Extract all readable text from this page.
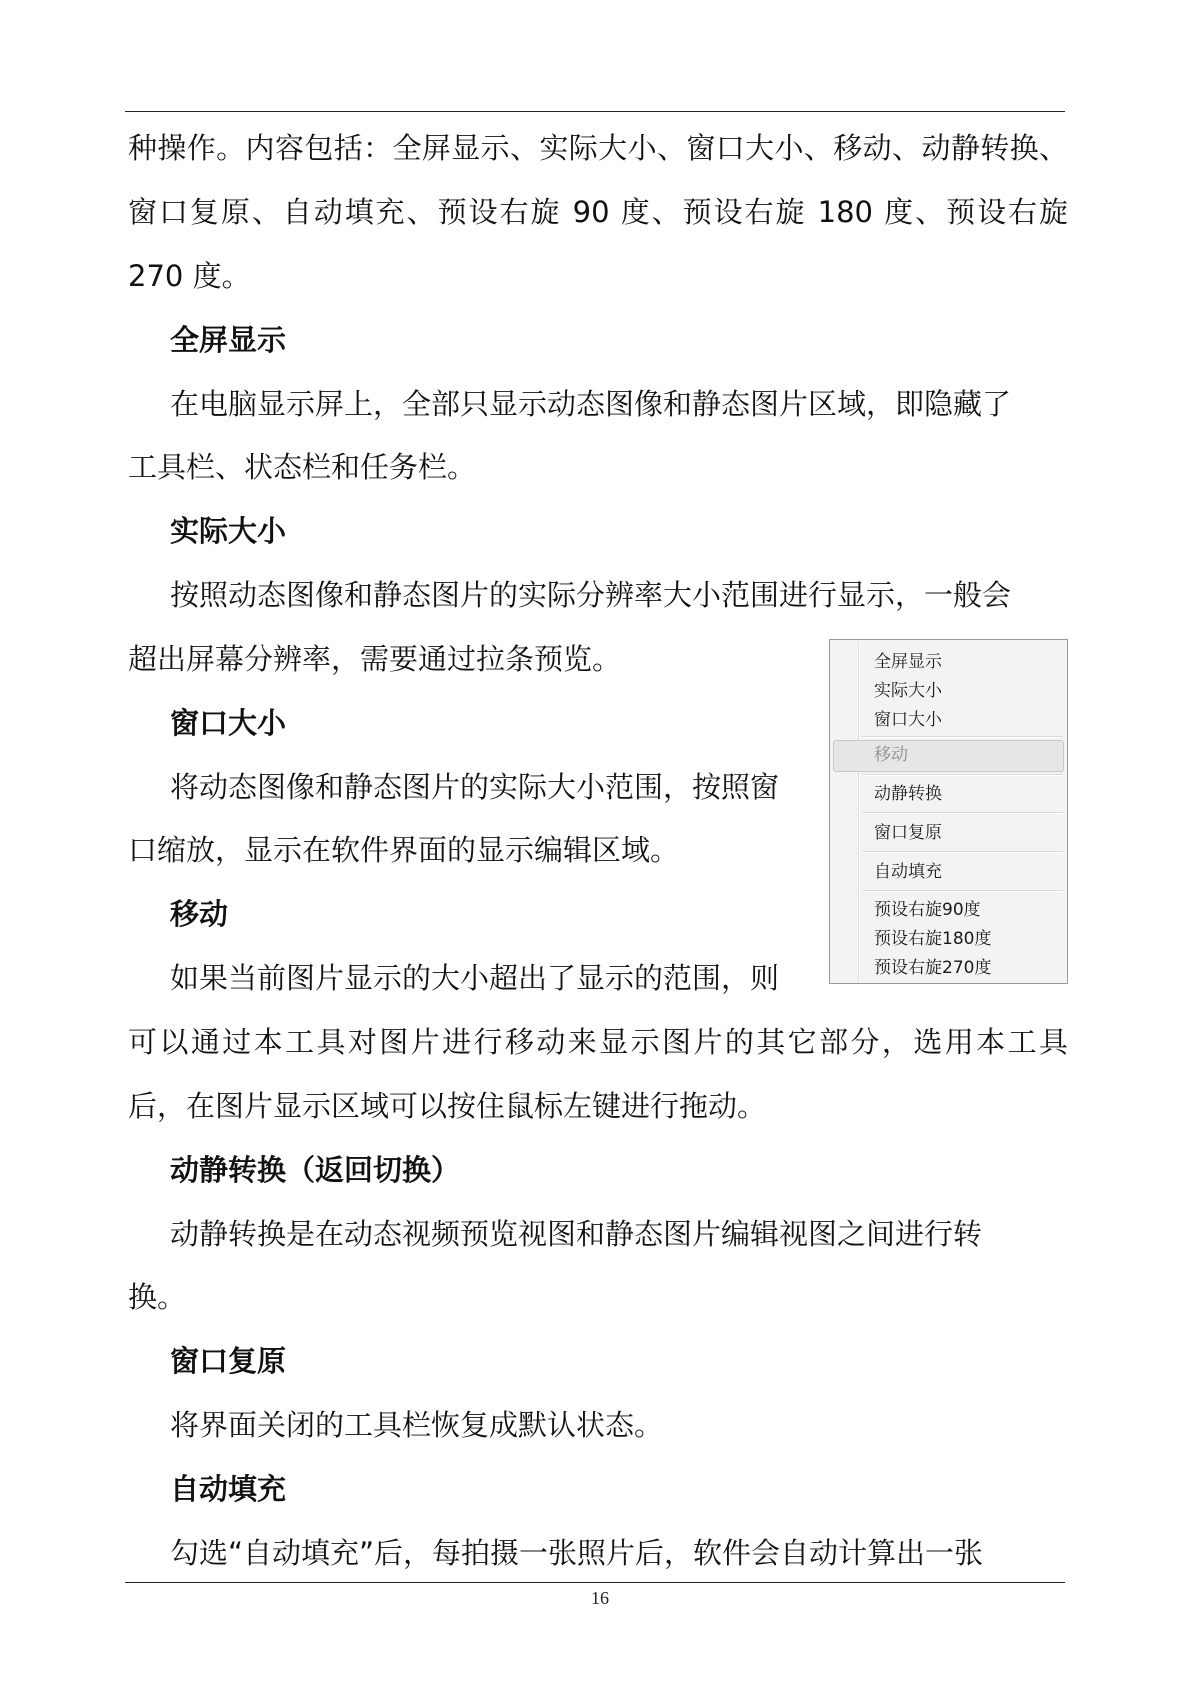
种操作。内容包括：全屏显示、实际大小、窗口大小、移动、动静转换、
窗口复原、自动填充、预设右旋 90 度、预设右旋 180 度、预设右旋
270 度。
全屏显示
在电脑显示屏上，全部只显示动态图像和静态图片区域，即隐藏了
工具栏、状态栏和任务栏。
实际大小
按照动态图像和静态图片的实际分辨率大小范围进行显示，一般会
超出屏幕分辨率，需要通过拉条预览。
窗口大小
将动态图像和静态图片的实际大小范围，按照窗
口缩放，显示在软件界面的显示编辑区域。
移动
如果当前图片显示的大小超出了显示的范围，则
可以通过本工具对图片进行移动来显示图片的其它部分，选用本工具
后，在图片显示区域可以按住鼠标左键进行拖动。
动静转换（返回切换）
动静转换是在动态视频预览视图和静态图片编辑视图之间进行转
换。
窗口复原
将界面关闭的工具栏恢复成默认状态。
自动填充
勾选“自动填充”后，每拍摄一张照片后，软件会自动计算出一张
全屏显示
实际大小
窗口大小
移动
动静转换
窗口复原
自动填充
预设右旋90度
预设右旋180度
预设右旋270度
16
